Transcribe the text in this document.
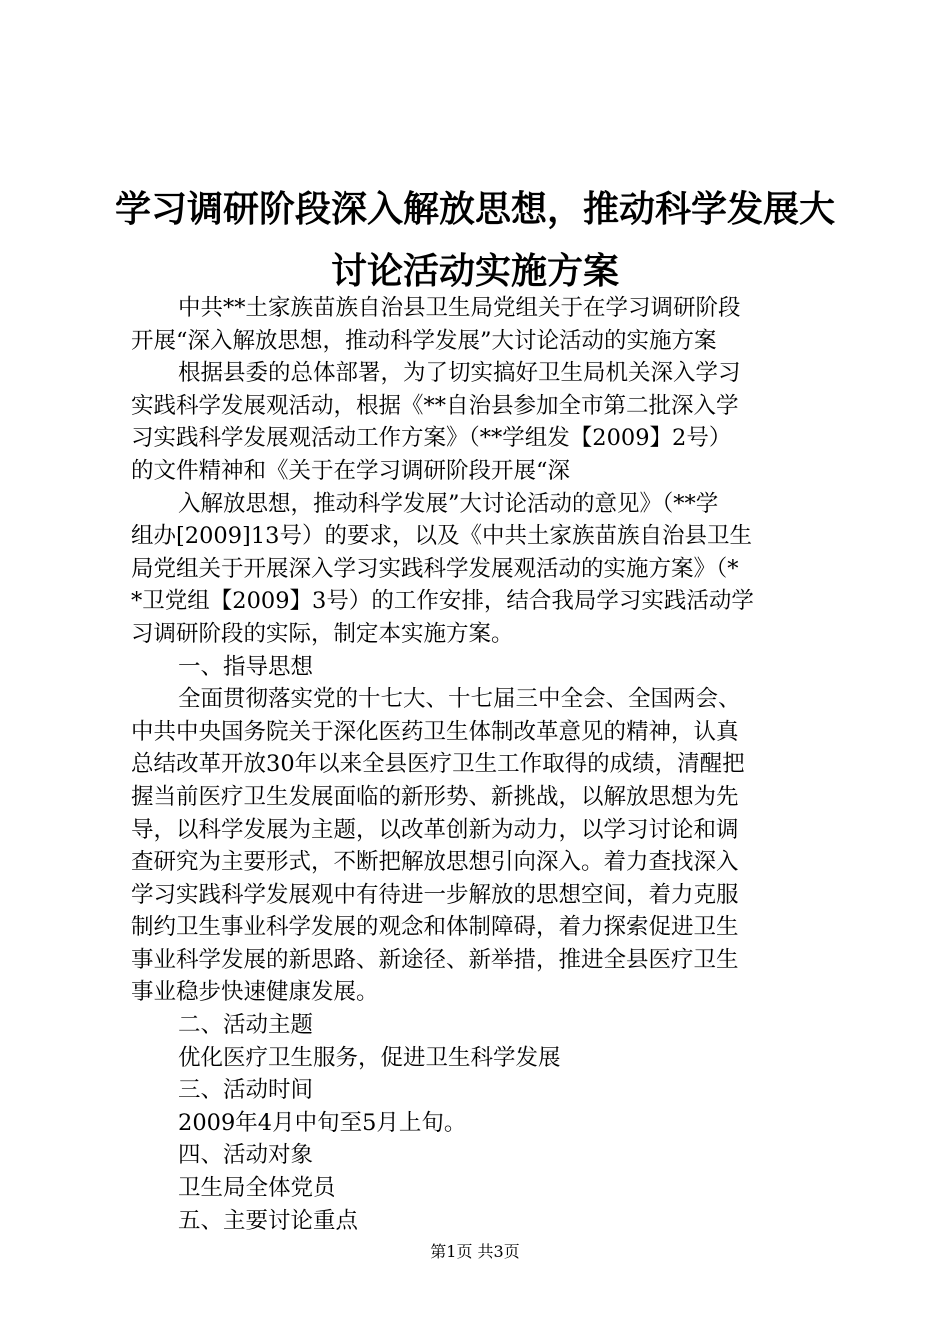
学习调研阶段深入解放思想，推动科学发展大
讨论活动实施方案
中共**土家族苗族自治县卫生局党组关于在学习调研阶段
开展“深入解放思想，推动科学发展”大讨论活动的实施方案
根据县委的总体部署，为了切实搞好卫生局机关深入学习
实践科学发展观活动，根据《**自治县参加全市第二批深入学
习实践科学发展观活动工作方案》（**学组发【2009】2号）
的文件精神和《关于在学习调研阶段开展“深
入解放思想，推动科学发展”大讨论活动的意见》（**学
组办[2009]13号）的要求，以及《中共土家族苗族自治县卫生
局党组关于开展深入学习实践科学发展观活动的实施方案》（*
*卫党组【2009】3号）的工作安排，结合我局学习实践活动学
习调研阶段的实际，制定本实施方案。
一、指导思想
全面贯彻落实党的十七大、十七届三中全会、全国两会、
中共中央国务院关于深化医药卫生体制改革意见的精神，认真
总结改革开放30年以来全县医疗卫生工作取得的成绩，清醒把
握当前医疗卫生发展面临的新形势、新挑战，以解放思想为先
导，以科学发展为主题，以改革创新为动力，以学习讨论和调
查研究为主要形式，不断把解放思想引向深入。着力查找深入
学习实践科学发展观中有待进一步解放的思想空间，着力克服
制约卫生事业科学发展的观念和体制障碍，着力探索促进卫生
事业科学发展的新思路、新途径、新举措，推进全县医疗卫生
事业稳步快速健康发展。
二、活动主题
优化医疗卫生服务，促进卫生科学发展
三、活动时间
2009年4月中旬至5月上旬。
四、活动对象
卫生局全体党员
五、主要讨论重点
第1页 共3页
